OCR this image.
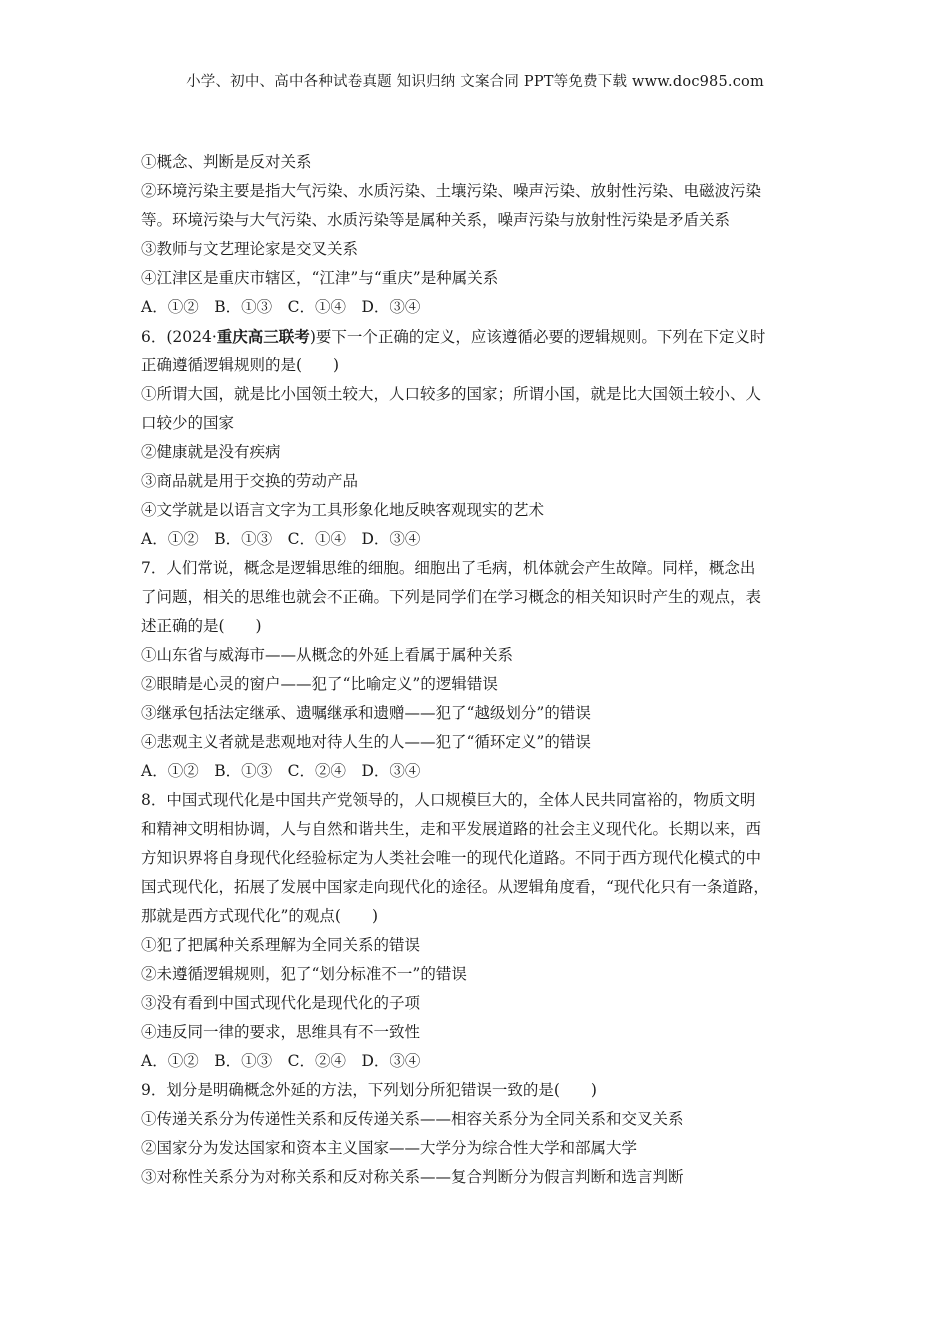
小学、初中、高中各种试卷真题 知识归纳 文案合同 PPT等免费下载 www.doc985.com
①概念、判断是反对关系
②环境污染主要是指大气污染、水质污染、土壤污染、噪声污染、放射性污染、电磁波污染
等。环境污染与大气污染、水质污染等是属种关系，噪声污染与放射性污染是矛盾关系
③教师与文艺理论家是交叉关系
④江津区是重庆市辖区，“江津”与“重庆”是种属关系
A．①②　B．①③　C．①④　D．③④
6．(2024·重庆高三联考)要下一个正确的定义，应该遵循必要的逻辑规则。下列在下定义时
正确遵循逻辑规则的是(　　)
①所谓大国，就是比小国领土较大，人口较多的国家；所谓小国，就是比大国领土较小、人
口较少的国家
②健康就是没有疾病
③商品就是用于交换的劳动产品
④文学就是以语言文字为工具形象化地反映客观现实的艺术
A．①②　B．①③　C．①④　D．③④
7．人们常说，概念是逻辑思维的细胞。细胞出了毛病，机体就会产生故障。同样，概念出
了问题，相关的思维也就会不正确。下列是同学们在学习概念的相关知识时产生的观点，表
述正确的是(　　)
①山东省与威海市——从概念的外延上看属于属种关系
②眼睛是心灵的窗户——犯了“比喻定义”的逻辑错误
③继承包括法定继承、遗嘱继承和遗赠——犯了“越级划分”的错误
④悲观主义者就是悲观地对待人生的人——犯了“循环定义”的错误
A．①②　B．①③　C．②④　D．③④
8．中国式现代化是中国共产党领导的，人口规模巨大的，全体人民共同富裕的，物质文明
和精神文明相协调，人与自然和谐共生，走和平发展道路的社会主义现代化。长期以来，西
方知识界将自身现代化经验标定为人类社会唯一的现代化道路。不同于西方现代化模式的中
国式现代化，拓展了发展中国家走向现代化的途径。从逻辑角度看，“现代化只有一条道路，
那就是西方式现代化”的观点(　　)
①犯了把属种关系理解为全同关系的错误
②未遵循逻辑规则，犯了“划分标准不一”的错误
③没有看到中国式现代化是现代化的子项
④违反同一律的要求，思维具有不一致性
A．①②　B．①③　C．②④　D．③④
9．划分是明确概念外延的方法，下列划分所犯错误一致的是(　　)
①传递关系分为传递性关系和反传递关系——相容关系分为全同关系和交叉关系
②国家分为发达国家和资本主义国家——大学分为综合性大学和部属大学
③对称性关系分为对称关系和反对称关系——复合判断分为假言判断和选言判断
